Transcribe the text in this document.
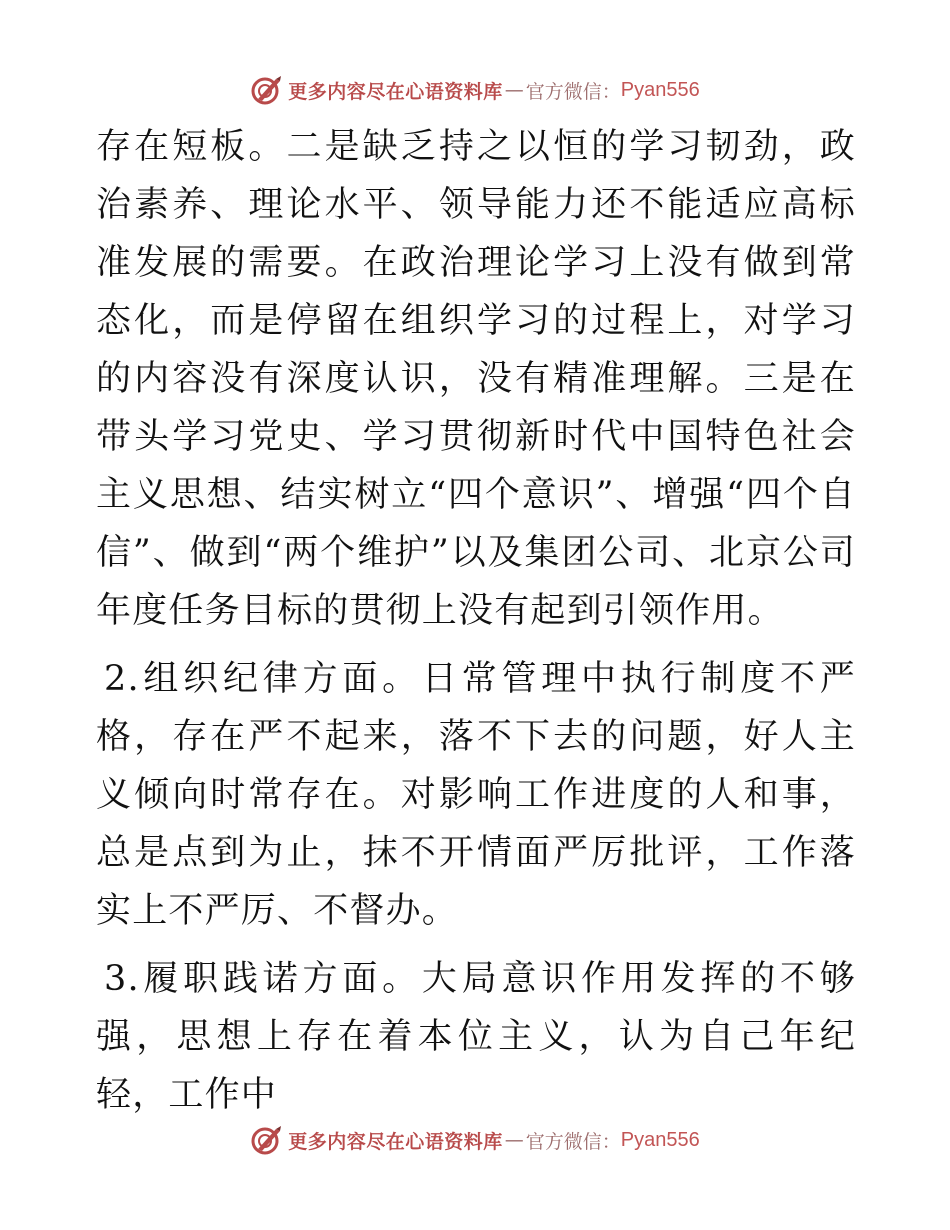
更多内容尽在心语资料库 — 官方微信： Pyan556

存在短板。二是缺乏持之以恒的学习韧劲，政治素养、理论水平、领导能力还不能适应高标准发展的需要。在政治理论学习上没有做到常态化，而是停留在组织学习的过程上，对学习的内容没有深度认识，没有精准理解。三是在带头学习党史、学习贯彻新时代中国特色社会主义思想、结实树立“四个意识”、增强“四个自信”、做到“两个维护”以及集团公司、北京公司年度任务目标的贯彻上没有起到引领作用。

2.组织纪律方面。日常管理中执行制度不严格，存在严不起来，落不下去的问题，好人主义倾向时常存在。对影响工作进度的人和事，总是点到为止，抹不开情面严厉批评，工作落实上不严厉、不督办。

3.履职践诺方面。大局意识作用发挥的不够强，思想上存在着本位主义，认为自己年纪轻，工作中

更多内容尽在心语资料库 — 官方微信： Pyan556
